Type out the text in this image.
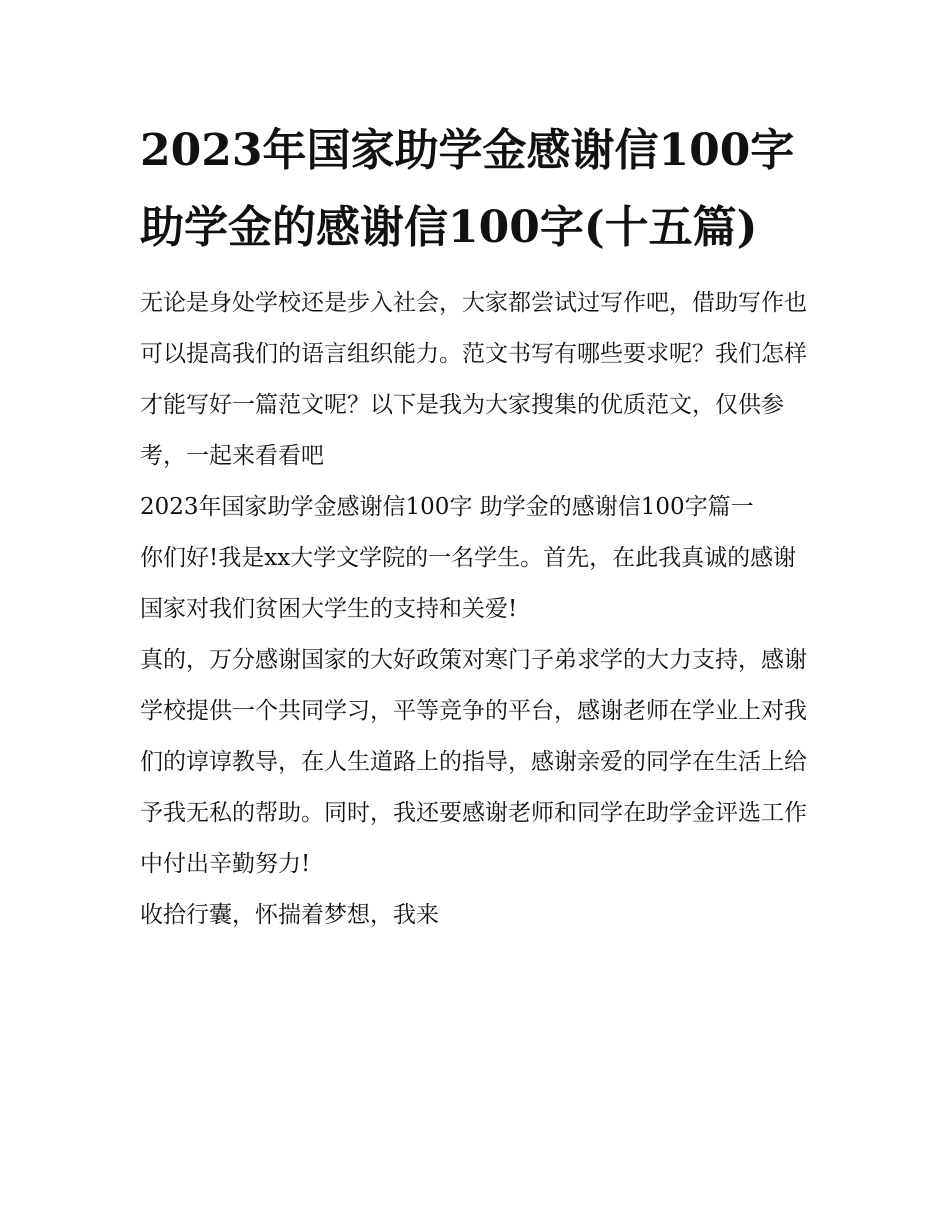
2023年国家助学金感谢信100字 助学金的感谢信100字(十五篇)

无论是身处学校还是步入社会，大家都尝试过写作吧，借助写作也可以提高我们的语言组织能力。范文书写有哪些要求呢？我们怎样才能写好一篇范文呢？以下是我为大家搜集的优质范文，仅供参考，一起来看看吧

2023年国家助学金感谢信100字 助学金的感谢信100字篇一

你们好!我是xx大学文学院的一名学生。首先，在此我真诚的感谢国家对我们贫困大学生的支持和关爱!

真的，万分感谢国家的大好政策对寒门子弟求学的大力支持，感谢学校提供一个共同学习，平等竞争的平台，感谢老师在学业上对我们的谆谆教导，在人生道路上的指导，感谢亲爱的同学在生活上给予我无私的帮助。同时，我还要感谢老师和同学在助学金评选工作中付出辛勤努力!

收拾行囊，怀揣着梦想，我来
